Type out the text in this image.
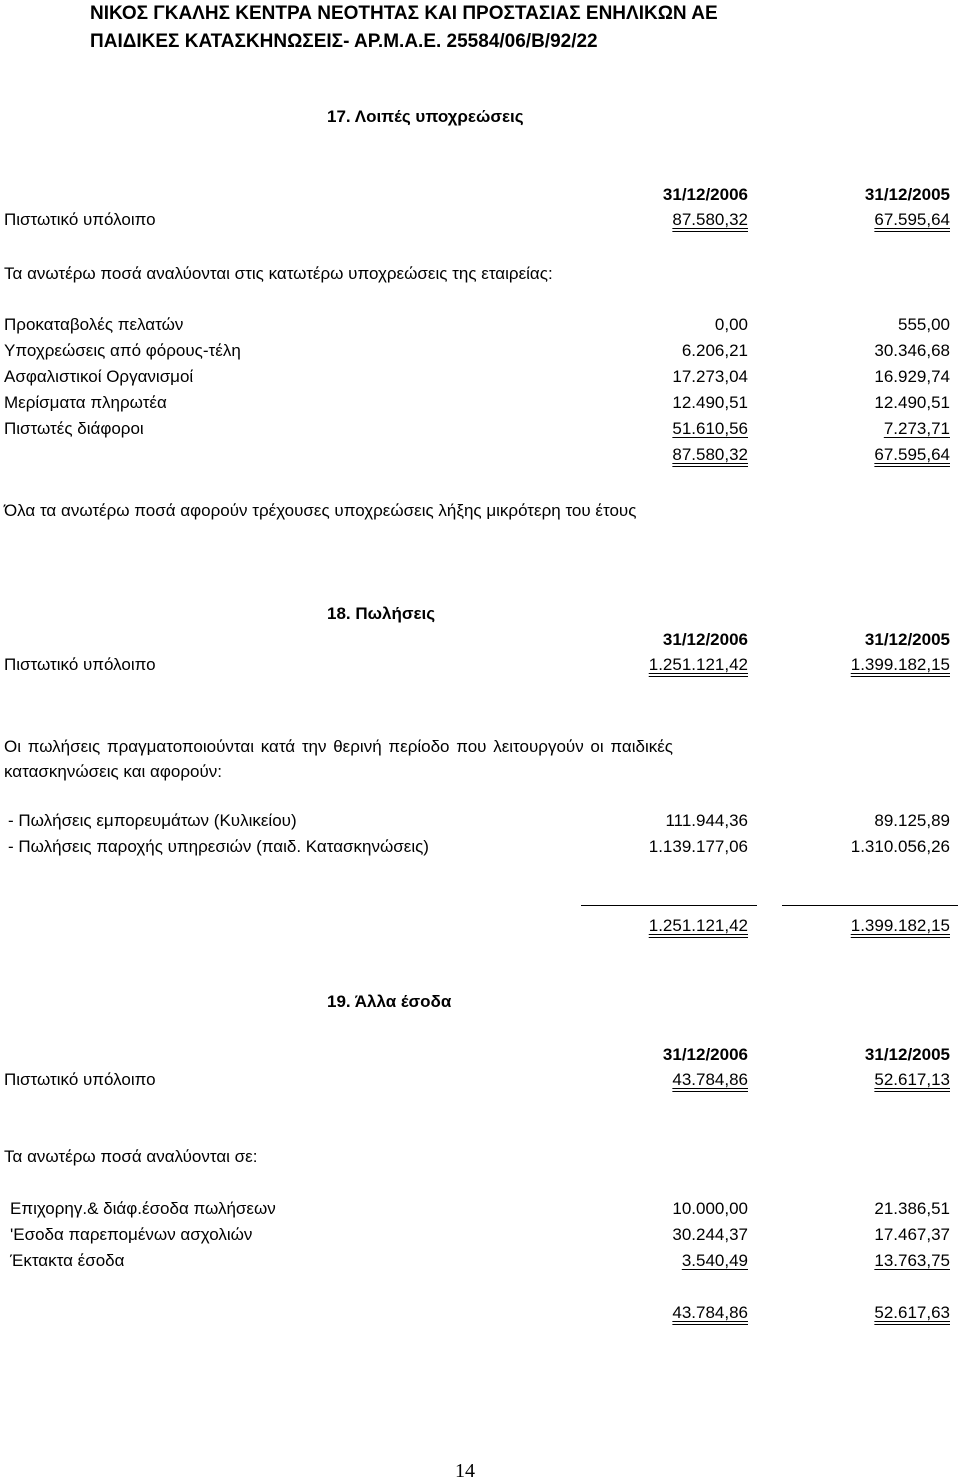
ΝΙΚΟΣ ΓΚΑΛΗΣ ΚΕΝΤΡΑ ΝΕΟΤΗΤΑΣ ΚΑΙ ΠΡΟΣΤΑΣΙΑΣ ΕΝΗΛΙΚΩΝ ΑΕ
ΠΑΙΔΙΚΕΣ ΚΑΤΑΣΚΗΝΩΣΕΙΣ- ΑΡ.Μ.Α.Ε. 25584/06/Β/92/22
17. Λοιπές υποχρεώσεις
31/12/2006	31/12/2005
Πιστωτικό υπόλοιπο	87.580,32	67.595,64
Τα ανωτέρω ποσά αναλύονται στις κατωτέρω υποχρεώσεις της εταιρείας:
Προκαταβολές πελατών	0,00	555,00
Υποχρεώσεις από φόρους-τέλη	6.206,21	30.346,68
Ασφαλιστικοί Οργανισμοί	17.273,04	16.929,74
Μερίσματα πληρωτέα	12.490,51	12.490,51
Πιστωτές διάφοροι	51.610,56	7.273,71
87.580,32	67.595,64
Όλα τα ανωτέρω ποσά αφορούν τρέχουσες υποχρεώσεις λήξης μικρότερη του έτους
18. Πωλήσεις
31/12/2006	31/12/2005
Πιστωτικό υπόλοιπο	1.251.121,42	1.399.182,15
Οι πωλήσεις πραγματοποιούνται κατά την θερινή περίοδο που λειτουργούν οι παιδικές
κατασκηνώσεις και αφορούν:
- Πωλήσεις εμπορευμάτων (Κυλικείου)	111.944,36	89.125,89
- Πωλήσεις παροχής υπηρεσιών (παιδ. Κατασκηνώσεις)	1.139.177,06	1.310.056,26
1.251.121,42	1.399.182,15
19. Άλλα έσοδα
31/12/2006	31/12/2005
Πιστωτικό υπόλοιπο	43.784,86	52.617,13
Τα ανωτέρω ποσά αναλύονται σε:
Επιχορηγ.& διάφ.έσοδα πωλήσεων	10.000,00	21.386,51
'Εσοδα παρεπομένων ασχολιών	30.244,37	17.467,37
Έκτακτα έσοδα	3.540,49	13.763,75
43.784,86	52.617,63
14
